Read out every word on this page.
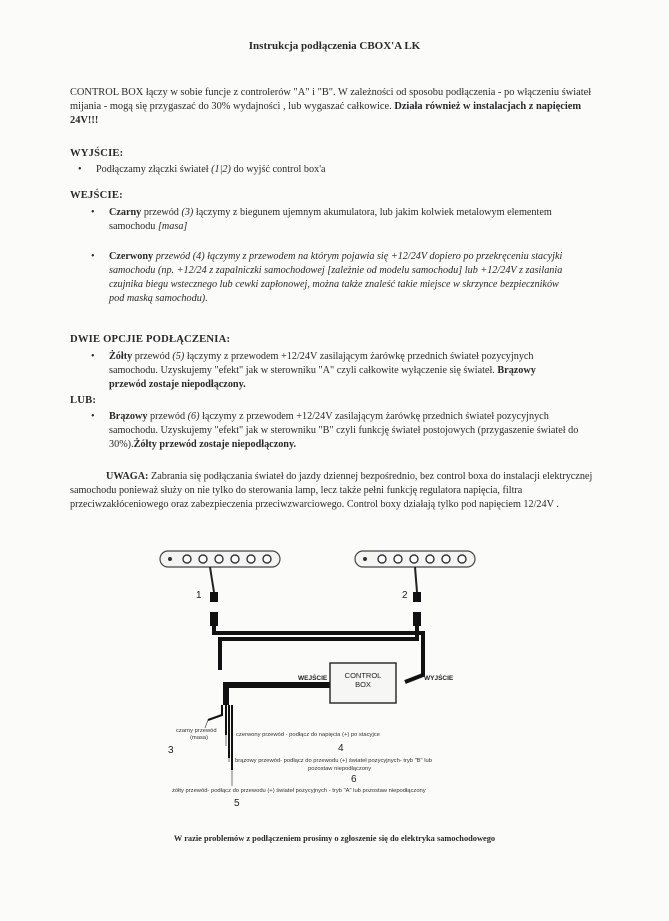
Instrukcja podłączenia CBOX'A LK
CONTROL BOX łączy w sobie funcje z controlerów "A" i "B". W zależności od sposobu podłączenia - po włączeniu świateł mijania - mogą się przygaszać do 30% wydajności , lub wygaszać całkowice. Działa również w instalacjach z napięciem 24V!!!
WYJŚCIE:
• Podłączamy złączki świateł (1|2) do wyjść control box'a
WEJŚCIE:
• Czarny przewód (3) łączymy z biegunem ujemnym akumulatora, lub jakim kolwiek metalowym elementem samochodu [masa]
• Czerwony przewód (4) łączymy z przewodem na którym pojawia się +12/24V dopiero po przekręceniu stacyjki samochodu (np. +12/24 z zapalniczki samochodowej [zależnie od modelu samochodu] lub +12/24V z zasilania czujnika biegu wstecznego lub cewki zapłonowej, można także znaleść takie miejsce w skrzynce bezpieczników pod maską samochodu).
DWIE OPCJIE PODŁĄCZENIA:
• Żółty przewód (5) łączymy z przewodem +12/24V zasilającym żarówkę przednich świateł pozycyjnych samochodu. Uzyskujemy "efekt" jak w sterowniku "A" czyli całkowite wyłączenie się świateł. Brązowy przewód zostaje niepodłączony.
LUB:
• Brązowy przewód (6) łączymy z przewodem +12/24V zasilającym żarówkę przednich świateł pozycyjnych samochodu. Uzyskujemy "efekt" jak w sterowniku "B" czyli funkcję świateł postojowych (przygaszenie świateł do 30%).Żółty przewód zostaje niepodłączony.
UWAGA: Zabrania się podłączania świateł do jazdy dziennej bezpośrednio, bez control boxa do instalacji elektrycznej samochodu ponieważ służy on nie tylko do sterowania lamp, lecz także pełni funkcję regulatora napięcia, filtra przeciwzakłóceniowego oraz zabezpieczenia przeciwzwarciowego. Control boxy działają tylko pod napięciem 12/24V .
1	2
CONTROL
BOX
WEJŚCIE	WYJŚCIE
czarny przewód
(masa)
3
czerwony przewód - podłącz do napięcia (+) po stacyjce
4
brązowy przewód- podłącz do przewodu (+) świateł pozycyjnych- tryb "B" lub
pozostaw niepodłączony
6
żółty przewód- podłącz do przewodu (+) świateł pozycyjnych - tryb "A" lub pozostaw niepodłączony
5
W razie problemów z podłączeniem prosimy o zgłoszenie się do elektryka samochodowego
